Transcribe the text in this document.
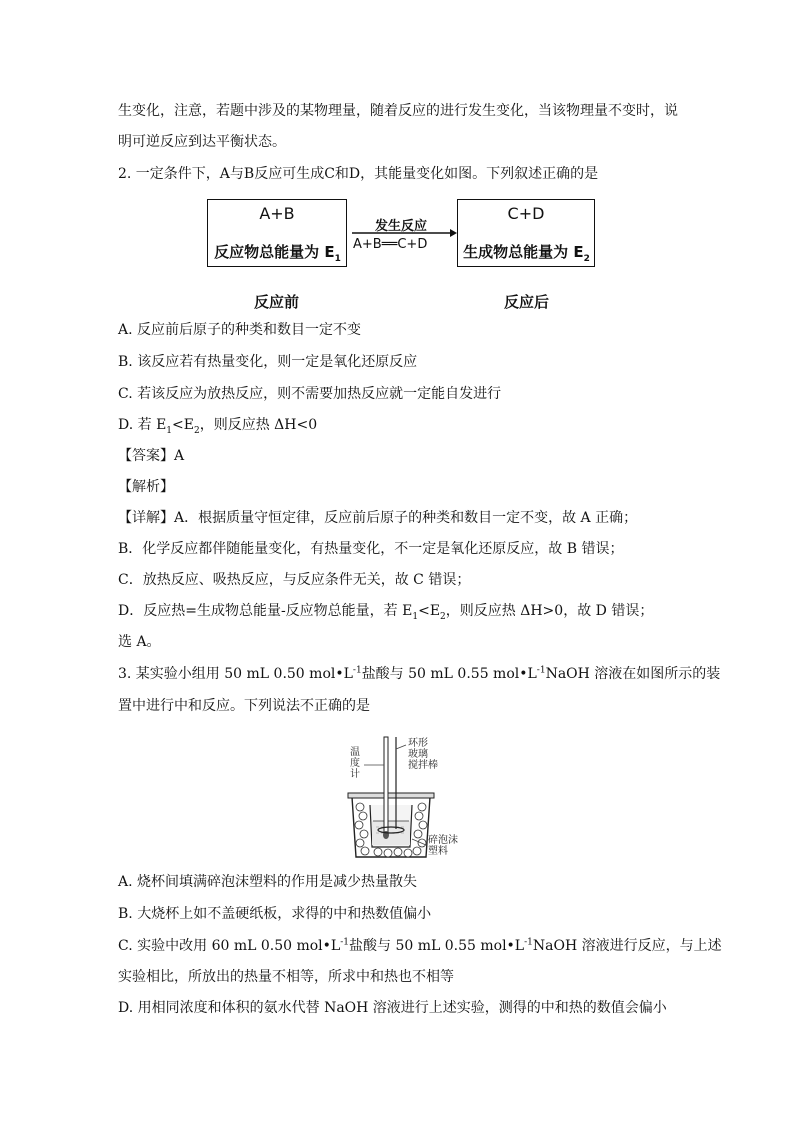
生变化，注意，若题中涉及的某物理量，随着反应的进行发生变化，当该物理量不变时，说
明可逆反应到达平衡状态。
2. 一定条件下，A与B反应可生成C和D，其能量变化如图。下列叙述正确的是
A+B
反应物总能量为 $E_1$
发生反应
A+B══C+D
C+D
生成物总能量为 $E_2$
反应前	反应后
A. 反应前后原子的种类和数目一定不变
B. 该反应若有热量变化，则一定是氧化还原反应
C. 若该反应为放热反应，则不需要加热反应就一定能自发进行
D. 若 $E_1<E_2$，则反应热 ΔH<0
【答案】A
【解析】
【详解】A．根据质量守恒定律，反应前后原子的种类和数目一定不变，故 A 正确；
B．化学反应都伴随能量变化，有热量变化，不一定是氧化还原反应，故 B 错误；
C．放热反应、吸热反应，与反应条件无关，故 C 错误；
D．反应热=生成物总能量-反应物总能量，若 $E_1<E_2$，则反应热 ΔH>0，故 D 错误；
选 A。
3. 某实验小组用 50 mL 0.50 $mol•L^{-1}$盐酸与 50 mL 0.55 $mol•L^{-1}NaOH$ 溶液在如图所示的装
置中进行中和反应。下列说法不正确的是
温
度
计
环形
玻璃
搅拌棒
碎泡沫
塑料
A. 烧杯间填满碎泡沫塑料的作用是减少热量散失
B. 大烧杯上如不盖硬纸板，求得的中和热数值偏小
C. 实验中改用 60 mL 0.50 $mol•L^{-1}$盐酸与 50 mL 0.55 $mol•L^{-1}NaOH$ 溶液进行反应，与上述
实验相比，所放出的热量不相等，所求中和热也不相等
D. 用相同浓度和体积的氨水代替 NaOH 溶液进行上述实验，测得的中和热的数值会偏小
